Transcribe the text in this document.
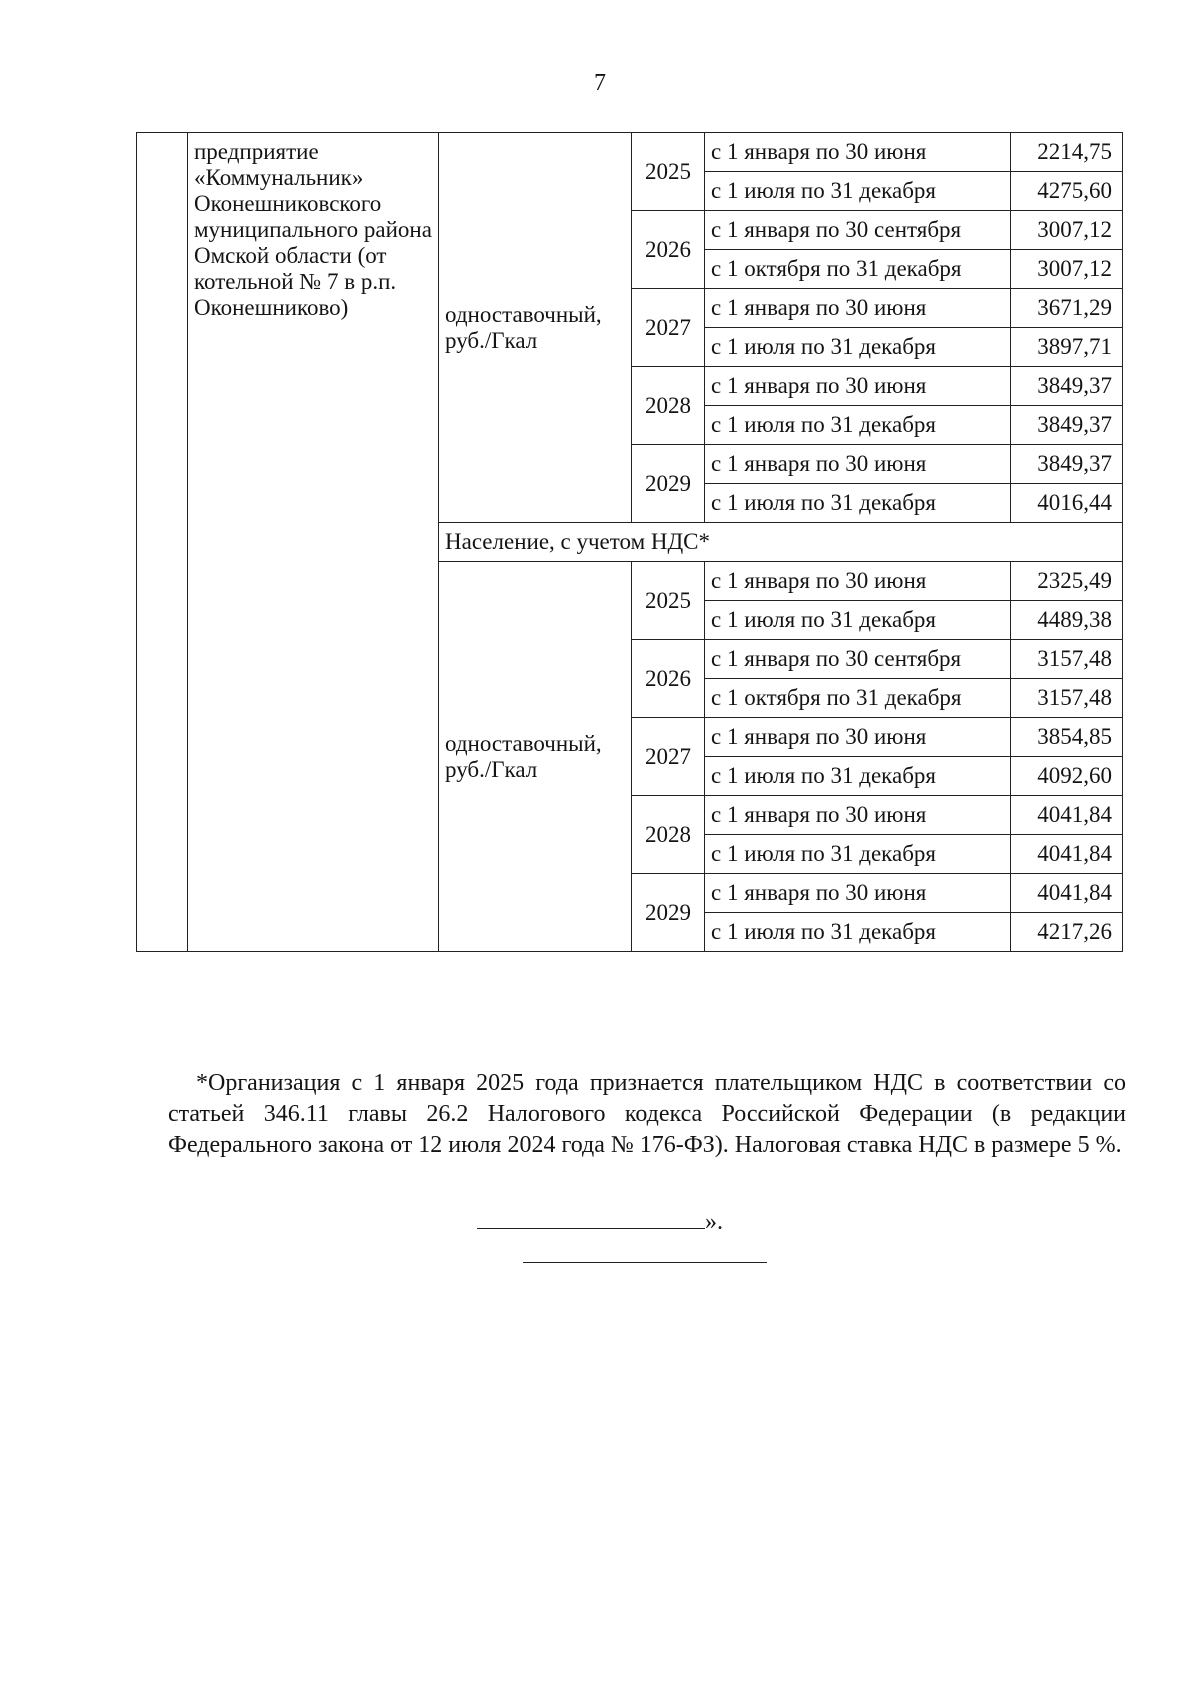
7

	предприятие «Коммунальник» Оконешниковского муниципального района Омской области (от котельной № 7 в р.п. Оконешниково)	одноставочный, руб./Гкал	2025	с 1 января по 30 июня	2214,75
				с 1 июля по 31 декабря	4275,60
			2026	с 1 января по 30 сентября	3007,12
				с 1 октября по 31 декабря	3007,12
			2027	с 1 января по 30 июня	3671,29
				с 1 июля по 31 декабря	3897,71
			2028	с 1 января по 30 июня	3849,37
				с 1 июля по 31 декабря	3849,37
			2029	с 1 января по 30 июня	3849,37
				с 1 июля по 31 декабря	4016,44
		Население, с учетом НДС*			

		одноставочный, руб./Гкал	2025	с 1 января по 30 июня	2325,49
				с 1 июля по 31 декабря	4489,38
			2026	с 1 января по 30 сентября	3157,48
				с 1 октября по 31 декабря	3157,48
			2027	с 1 января по 30 июня	3854,85
				с 1 июля по 31 декабря	4092,60
			2028	с 1 января по 30 июня	4041,84
				с 1 июля по 31 декабря	4041,84
			2029	с 1 января по 30 июня	4041,84
				с 1 июля по 31 декабря	4217,26

*Организация с 1 января 2025 года признается плательщиком НДС в соответствии со статьей 346.11 главы 26.2 Налогового кодекса Российской Федерации (в редакции Федерального закона от 12 июля 2024 года № 176-ФЗ). Налоговая ставка НДС в размере 5 %.

».
